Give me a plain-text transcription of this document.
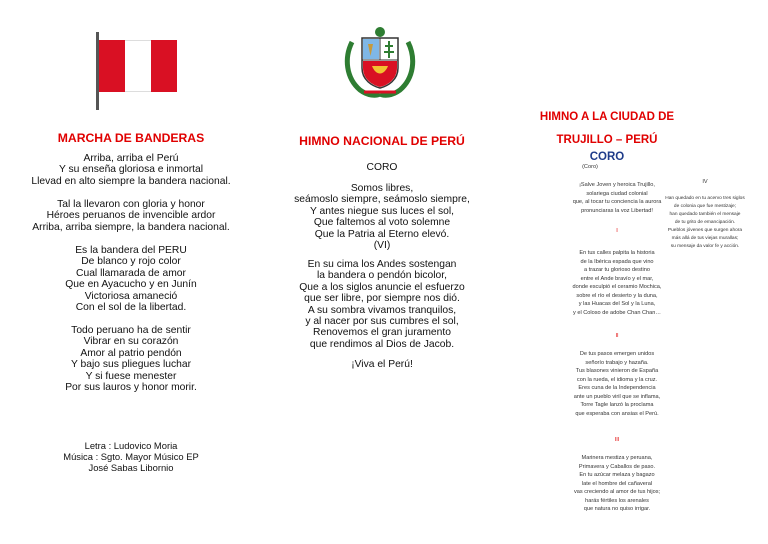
MARCHA DE BANDERAS
Arriba, arriba el Perú
Y su enseña gloriosa e inmortal
Llevad en alto siempre la bandera nacional.
Tal la llevaron con gloria y honor
Héroes peruanos de invencible ardor
Arriba, arriba siempre, la bandera nacional.
Es la bandera del PERU
De blanco y rojo color
Cual llamarada de amor
Que en Ayacucho y en Junín
Victoriosa amaneció
Con el sol de la libertad.
Todo peruano ha de sentir
Vibrar en su corazón
Amor al patrio pendón
Y bajo sus pliegues luchar
Y si fuese menester
Por sus lauros y honor morir.
Letra : Ludovico Moria
Música : Sgto. Mayor Músico EP
José Sabas Libornio
HIMNO NACIONAL DE PERÚ
CORO
Somos libres,
seámoslo siempre, seámoslo siempre,
Y antes niegue sus luces el sol,
Que faltemos al voto solemne
Que la Patria al Eterno elevó.
(VI)
En su cima los Andes sostengan
la bandera o pendón bicolor,
Que a los siglos anuncie el esfuerzo
que ser libre, por siempre nos dió.
A su sombra vivamos tranquilos,
y al nacer por sus cumbres el sol,
Renovemos el gran juramento
que rendimos al Dios de Jacob.
¡Viva el Perú!
HIMNO A LA CIUDAD DE
TRUJILLO – PERÚ
CORO
(Coro)
¡Salve Joven y heroica Trujillo,
solariega ciudad colonial
que, al tocar tu conciencia la aurora
pronunciaras la voz Libertad!
I
En tus calles palpita la historia
de la Ibérica espada que vino
a trazar tu glorioso destino
entre el Ande bravío y el mar,
donde esculpió el ceramio Mochica,
sobre el río el desierto y la duna,
y las Huacas del Sol y la Luna,
y el Coloso de adobe Chan Chan…
II
De tus pasos emergen unidos
señorío trabajo y hazaña.
Tus blasones vinieron de España
con la rueda, el idioma y la cruz.
Eres cuna de la Independencia
ante un pueblo viril que se inflama,
Torre Tagle lanzó la proclama
que esperaba con ansias el Perú.
III
Marinera mestiza y peruana,
Primavera y Caballos de paso.
En tu azúcar melaza y bagazo
late el hombre del cañaveral
vas creciendo al amor de tus hijos;
harás fértiles los arenales
que natura no quiso irrigar.
IV
Han quedado en tu acervo tres siglos
de colonia que fue mestizaje;
han quedado también el mensaje
de tu grito de emancipación.
Pueblos jóvenes que surgen ahora
más allá de tus viejas murallas;
su mensaje da valor fe y acción.
